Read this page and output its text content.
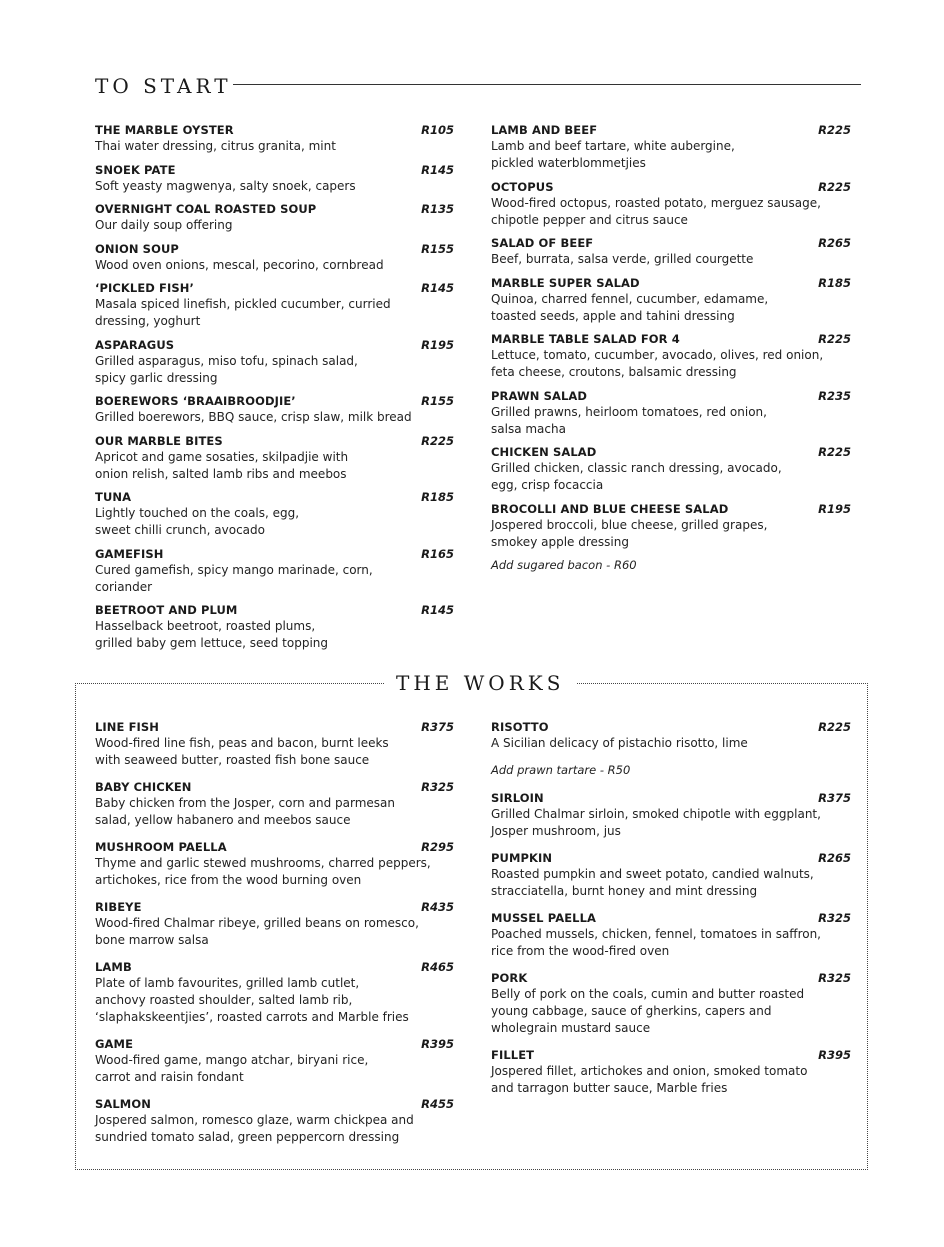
TO START
THE MARBLE OYSTER	R105
Thai water dressing, citrus granita, mint
SNOEK PATE	R145
Soft yeasty magwenya, salty snoek, capers
OVERNIGHT COAL ROASTED SOUP	R135
Our daily soup offering
ONION SOUP	R155
Wood oven onions, mescal, pecorino, cornbread
‘PICKLED FISH’	R145
Masala spiced linefish, pickled cucumber, curried
dressing, yoghurt
ASPARAGUS	R195
Grilled asparagus, miso tofu, spinach salad,
spicy garlic dressing
BOEREWORS ‘BRAAIBROODJIE’	R155
Grilled boerewors, BBQ sauce, crisp slaw, milk bread
OUR MARBLE BITES	R225
Apricot and game sosaties, skilpadjie with
onion relish, salted lamb ribs and meebos
TUNA	R185
Lightly touched on the coals, egg,
sweet chilli crunch, avocado
GAMEFISH	R165
Cured gamefish, spicy mango marinade, corn,
coriander
BEETROOT AND PLUM	R145
Hasselback beetroot, roasted plums,
grilled baby gem lettuce, seed topping
LAMB AND BEEF	R225
Lamb and beef tartare, white aubergine,
pickled waterblommetjies
OCTOPUS	R225
Wood-fired octopus, roasted potato, merguez sausage,
chipotle pepper and citrus sauce
SALAD OF BEEF	R265
Beef, burrata, salsa verde, grilled courgette
MARBLE SUPER SALAD	R185
Quinoa, charred fennel, cucumber, edamame,
toasted seeds, apple and tahini dressing
MARBLE TABLE SALAD FOR 4	R225
Lettuce, tomato, cucumber, avocado, olives, red onion,
feta cheese, croutons, balsamic dressing
PRAWN SALAD	R235
Grilled prawns, heirloom tomatoes, red onion,
salsa macha
CHICKEN SALAD	R225
Grilled chicken, classic ranch dressing, avocado,
egg, crisp focaccia
BROCOLLI AND BLUE CHEESE SALAD	R195
Jospered broccoli, blue cheese, grilled grapes,
smokey apple dressing
Add sugared bacon - R60
THE WORKS
LINE FISH	R375
Wood-fired line fish, peas and bacon, burnt leeks
with seaweed butter, roasted fish bone sauce
BABY CHICKEN	R325
Baby chicken from the Josper, corn and parmesan
salad, yellow habanero and meebos sauce
MUSHROOM PAELLA	R295
Thyme and garlic stewed mushrooms, charred peppers,
artichokes, rice from the wood burning oven
RIBEYE	R435
Wood-fired Chalmar ribeye, grilled beans on romesco,
bone marrow salsa
LAMB	R465
Plate of lamb favourites, grilled lamb cutlet,
anchovy roasted shoulder, salted lamb rib,
‘slaphakskeentjies’, roasted carrots and Marble fries
GAME	R395
Wood-fired game, mango atchar, biryani rice,
carrot and raisin fondant
SALMON	R455
Jospered salmon, romesco glaze, warm chickpea and
sundried tomato salad, green peppercorn dressing
RISOTTO	R225
A Sicilian delicacy of pistachio risotto, lime
Add prawn tartare - R50
SIRLOIN	R375
Grilled Chalmar sirloin, smoked chipotle with eggplant,
Josper mushroom, jus
PUMPKIN	R265
Roasted pumpkin and sweet potato, candied walnuts,
stracciatella, burnt honey and mint dressing
MUSSEL PAELLA	R325
Poached mussels, chicken, fennel, tomatoes in saffron,
rice from the wood-fired oven
PORK	R325
Belly of pork on the coals, cumin and butter roasted
young cabbage, sauce of gherkins, capers and
wholegrain mustard sauce
FILLET	R395
Jospered fillet, artichokes and onion, smoked tomato
and tarragon butter sauce, Marble fries
